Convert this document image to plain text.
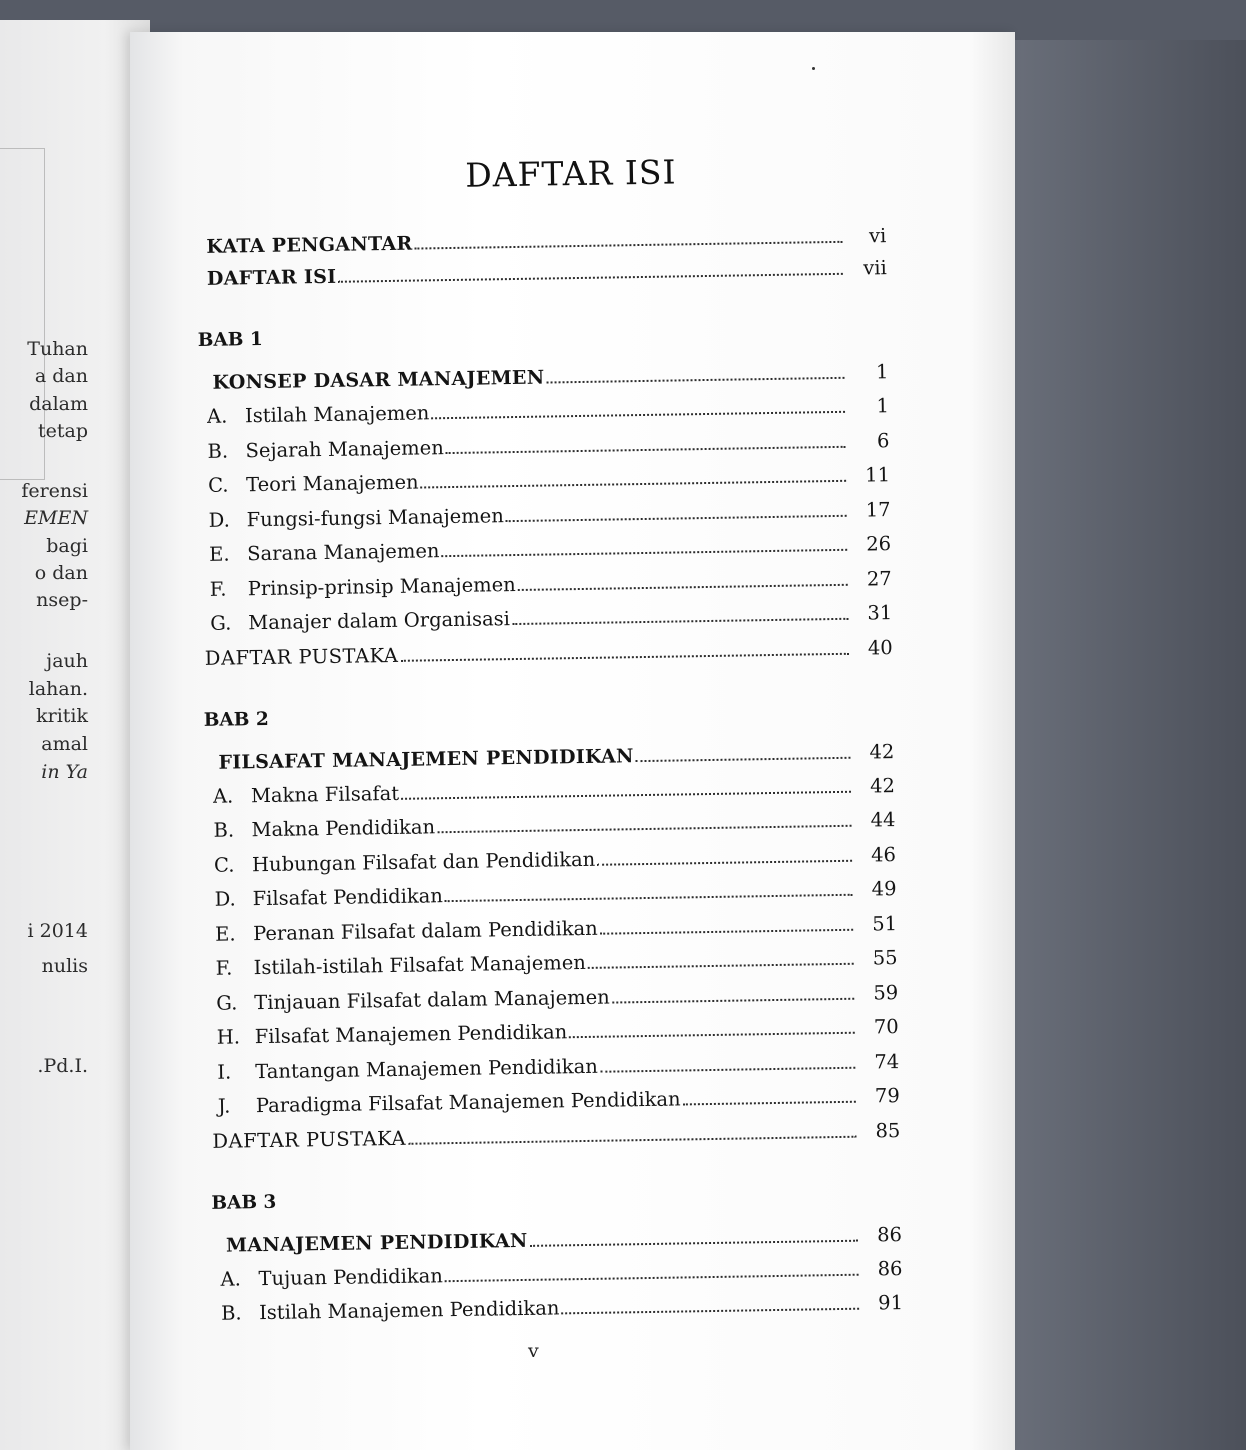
Tuhan
a dan
dalam
tetap
ferensi
EMEN
bagi
o dan
nsep-
jauh
lahan.
kritik
amal
in Ya
i 2014
nulis
.Pd.I.
DAFTAR ISI
KATA PENGANTAR	vi
DAFTAR ISI	vii
BAB 1
KONSEP DASAR MANAJEMEN	1
A. Istilah Manajemen	1
B. Sejarah Manajemen	6
C. Teori Manajemen	11
D. Fungsi-fungsi Manajemen	17
E. Sarana Manajemen	26
F.	Prinsip-prinsip Manajemen	27
G. Manajer dalam Organisasi	31
DAFTAR PUSTAKA	40
BAB 2
FILSAFAT MANAJEMEN PENDIDIKAN	42
A. Makna Filsafat	42
B. Makna Pendidikan	44
C. Hubungan Filsafat dan Pendidikan	46
D. Filsafat Pendidikan	49
E. Peranan Filsafat dalam Pendidikan	51
F.	Istilah-istilah Filsafat Manajemen	55
G. Tinjauan Filsafat dalam Manajemen	59
H. Filsafat Manajemen Pendidikan	70
I.	Tantangan Manajemen Pendidikan	74
J.	Paradigma Filsafat Manajemen Pendidikan	79
DAFTAR PUSTAKA	85
BAB 3
MANAJEMEN PENDIDIKAN	86
A. Tujuan Pendidikan	86
B. Istilah Manajemen Pendidikan	91
v
